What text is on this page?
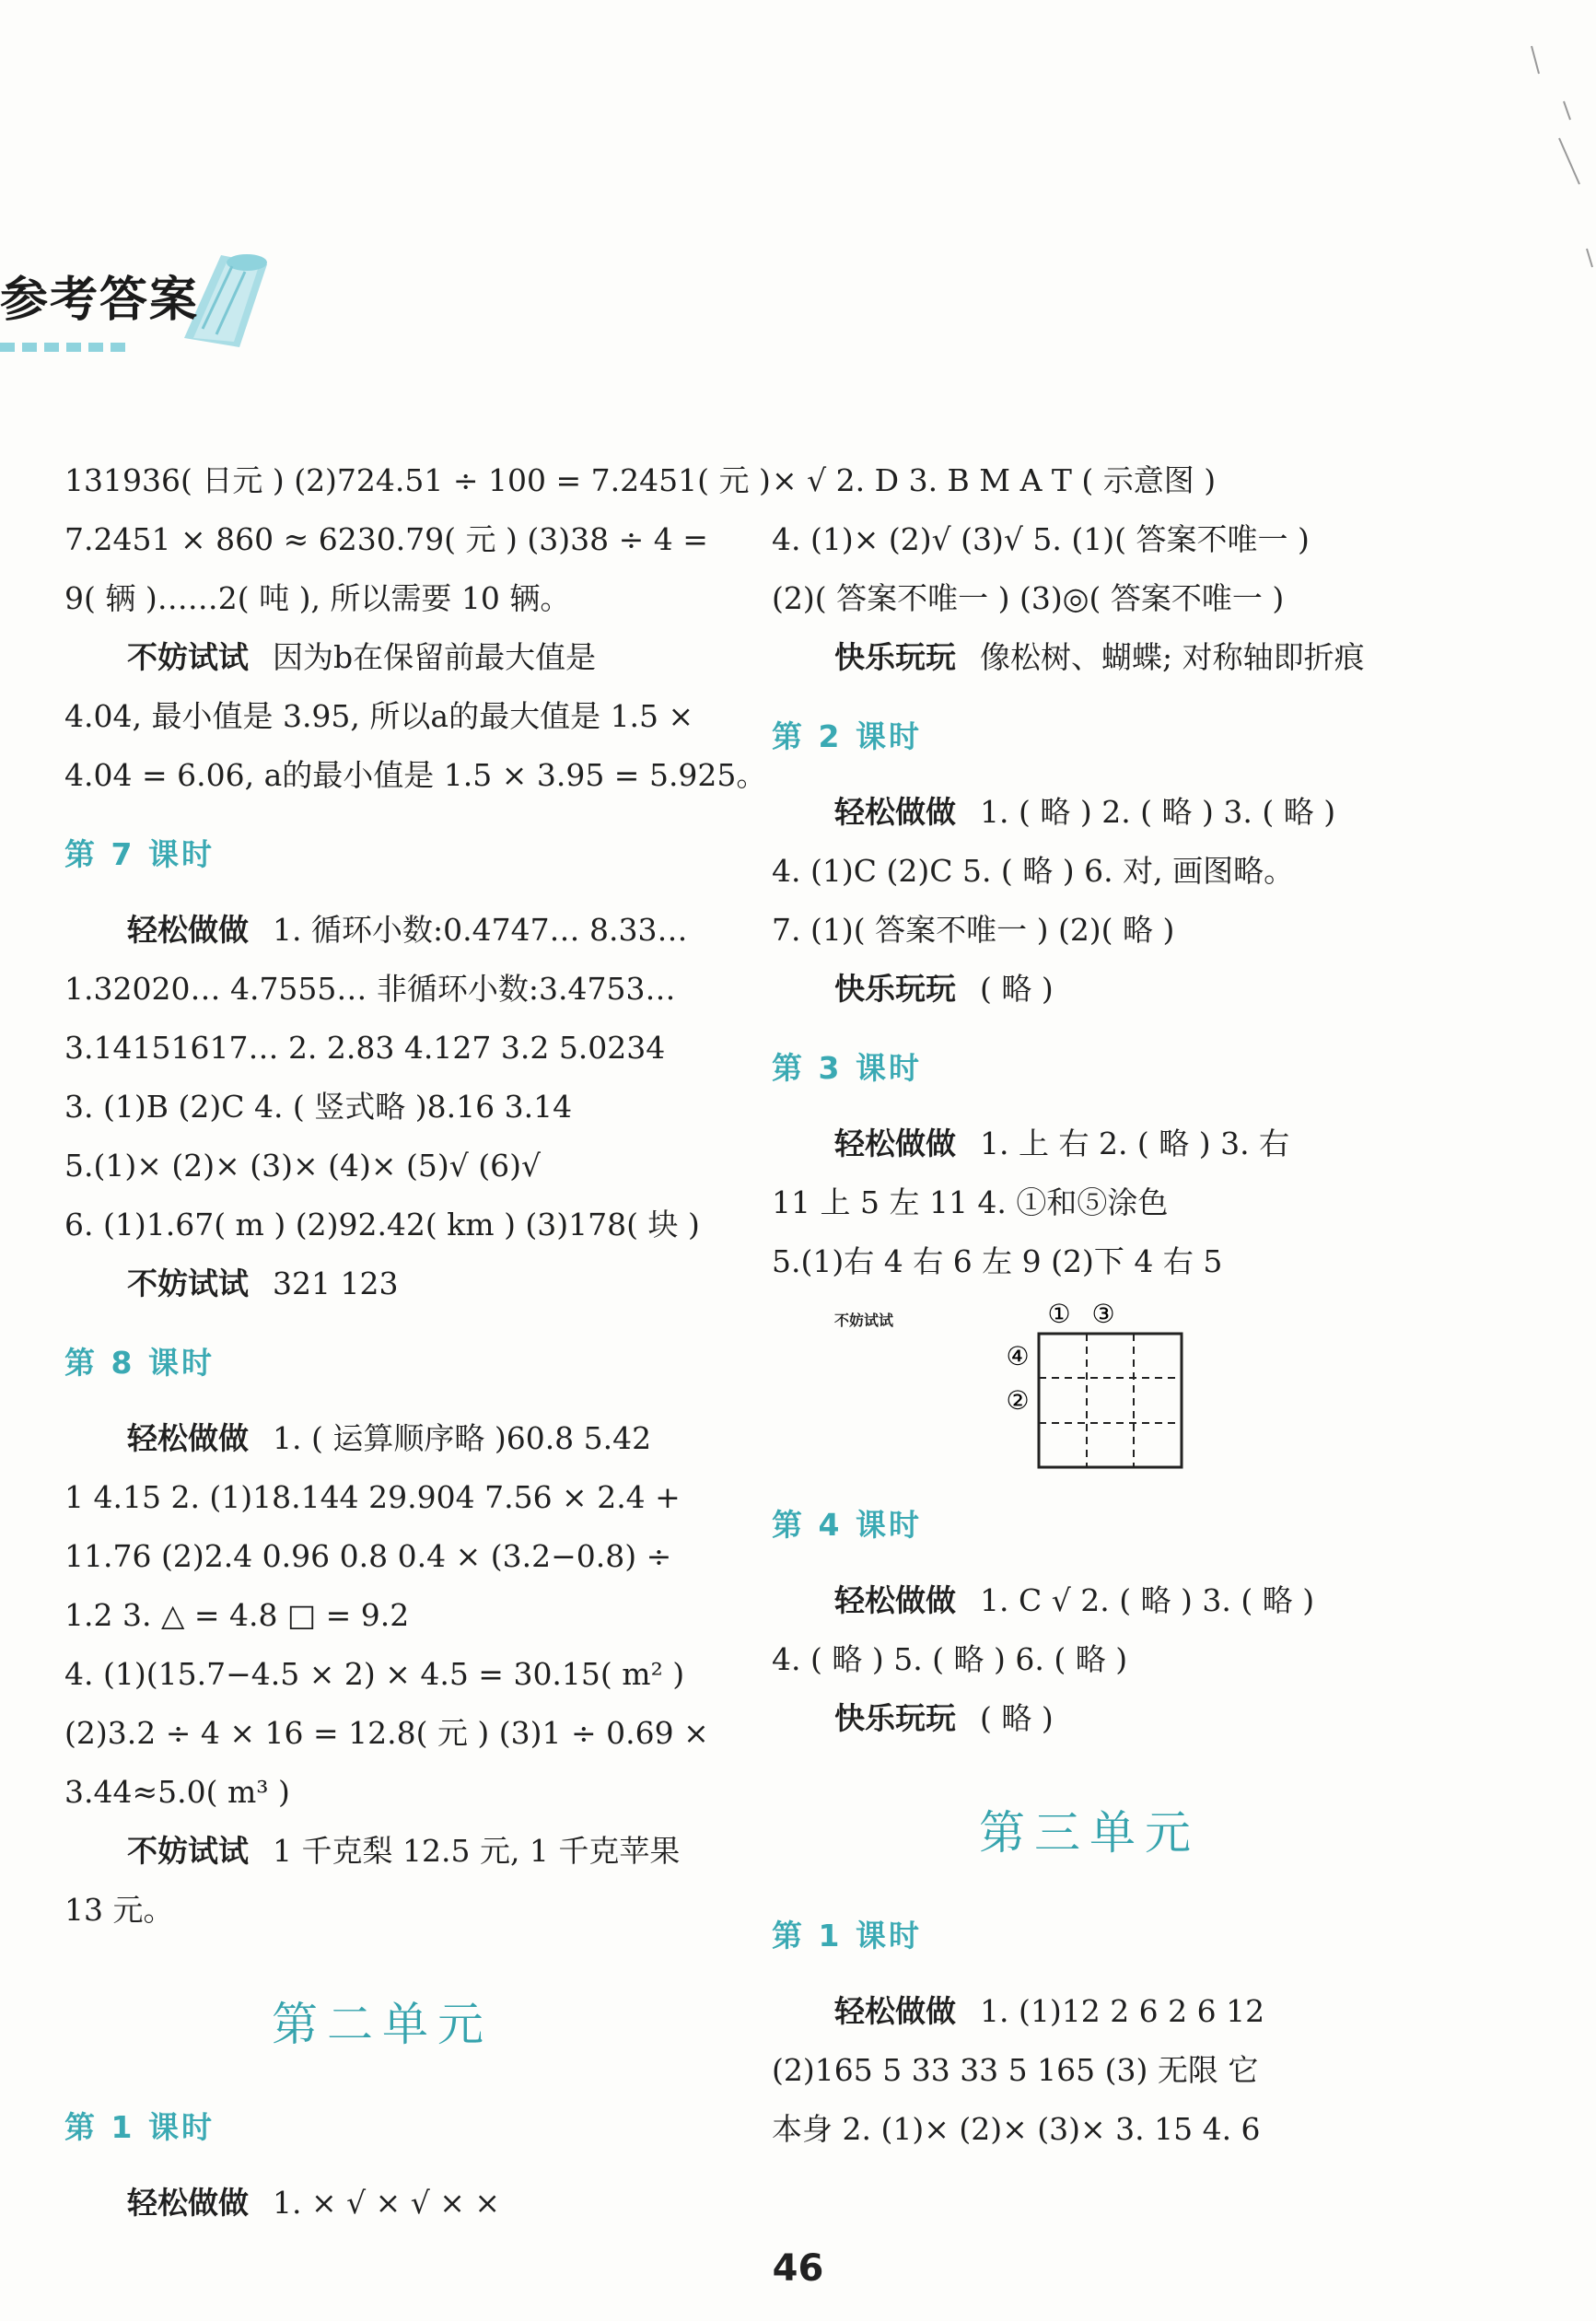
参考答案
131936( 日元 ) (2)724.51 ÷ 100 = 7.2451( 元 )
7.2451 × 860 ≈ 6230.79( 元 ) (3)38 ÷ 4 =
9( 辆 )……2( 吨 ), 所以需要 10 辆。
不妨试试 因为b在保留前最大值是
4.04, 最小值是 3.95, 所以a的最大值是 1.5 ×
4.04 = 6.06, a的最小值是 1.5 × 3.95 = 5.925。
第 7 课时
轻松做做 1. 循环小数:0.4747… 8.33…
1.32020… 4.7555… 非循环小数:3.4753…
3.14151617… 2. 2.83 4.127 3.2 5.0234
3. (1)B (2)C 4. ( 竖式略 )8.16 3.14
5.(1)× (2)× (3)× (4)× (5)√ (6)√
6. (1)1.67( m ) (2)92.42( km ) (3)178( 块 )
不妨试试 321 123
第 8 课时
轻松做做 1. ( 运算顺序略 )60.8 5.42
1 4.15 2. (1)18.144 29.904 7.56 × 2.4 +
11.76 (2)2.4 0.96 0.8 0.4 × (3.2−0.8) ÷
1.2 3. △ = 4.8 □ = 9.2
4. (1)(15.7−4.5 × 2) × 4.5 = 30.15( m² )
(2)3.2 ÷ 4 × 16 = 12.8( 元 ) (3)1 ÷ 0.69 ×
3.44≈5.0( m³ )
不妨试试 1 千克梨 12.5 元, 1 千克苹果
13 元。
第二单元
第 1 课时
轻松做做 1. × √ × √ × ×
× √ 2. D 3. B M A T ( 示意图 )
4. (1)× (2)√ (3)√ 5. (1)( 答案不唯一 )
(2)( 答案不唯一 ) (3)◎( 答案不唯一 )
快乐玩玩 像松树、蝴蝶; 对称轴即折痕
第 2 课时
轻松做做 1. ( 略 ) 2. ( 略 ) 3. ( 略 )
4. (1)C (2)C 5. ( 略 ) 6. 对, 画图略。
7. (1)( 答案不唯一 ) (2)( 略 )
快乐玩玩 ( 略 )
第 3 课时
轻松做做 1. 上 右 2. ( 略 ) 3. 右
11 上 5 左 11 4. ①和⑤涂色
5.(1)右 4 右 6 左 9 (2)下 4 右 5
不妨试试	① ③
④
②
第 4 课时
轻松做做 1. C √ 2. ( 略 ) 3. ( 略 )
4. ( 略 ) 5. ( 略 ) 6. ( 略 )
快乐玩玩 ( 略 )
第三单元
第 1 课时
轻松做做 1. (1)12 2 6 2 6 12
(2)165 5 33 33 5 165 (3) 无限 它
本身 2. (1)× (2)× (3)× 3. 15 4. 6
46
